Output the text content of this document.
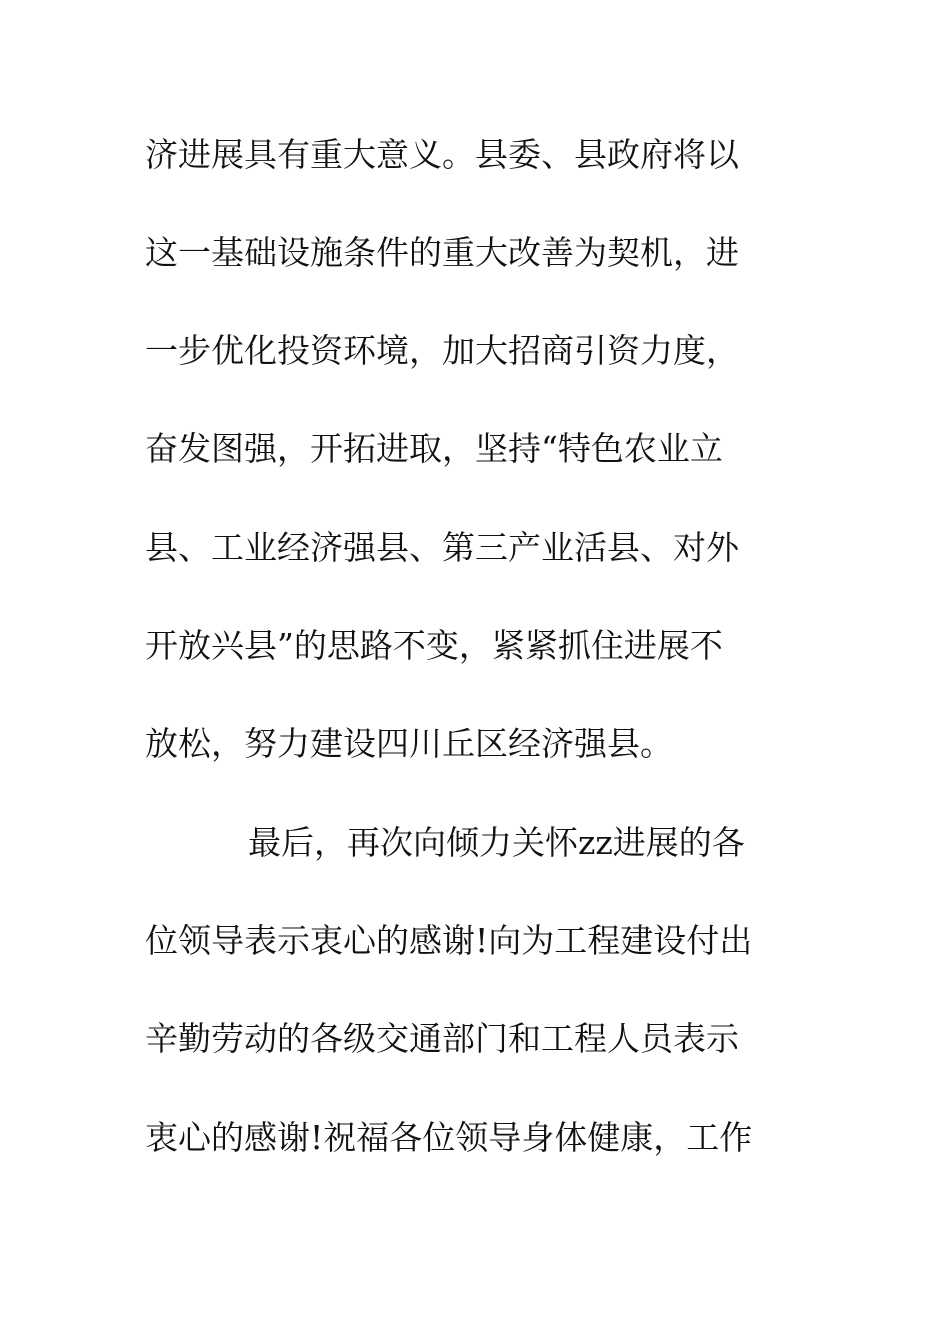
济进展具有重大意义。县委、县政府将以
这一基础设施条件的重大改善为契机，进
一步优化投资环境，加大招商引资力度，
奋发图强，开拓进取，坚持“特色农业立
县、工业经济强县、第三产业活县、对外
开放兴县”的思路不变，紧紧抓住进展不
放松，努力建设四川丘区经济强县。
最后，再次向倾力关怀zz进展的各
位领导表示衷心的感谢!向为工程建设付出
辛勤劳动的各级交通部门和工程人员表示
衷心的感谢!祝福各位领导身体健康，工作
